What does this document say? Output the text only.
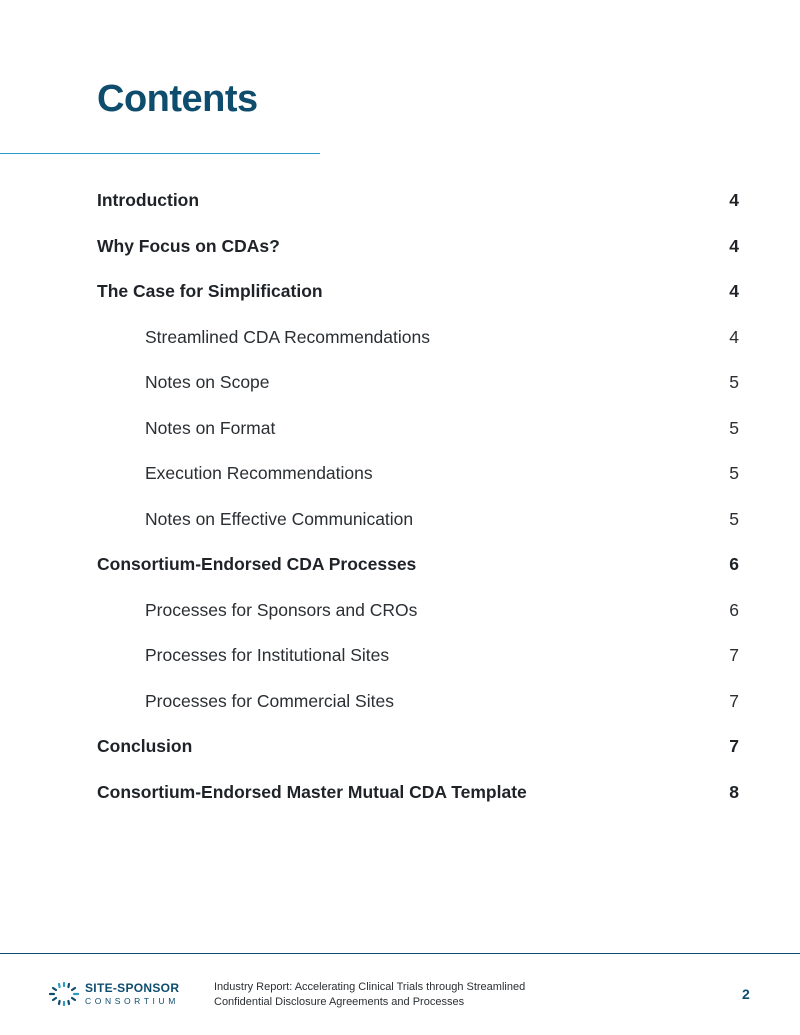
Contents
Introduction	4
Why Focus on CDAs?	4
The Case for Simplification	4
Streamlined CDA Recommendations	4
Notes on Scope	5
Notes on Format	5
Execution Recommendations	5
Notes on Effective Communication	5
Consortium-Endorsed CDA Processes	6
Processes for Sponsors and CROs	6
Processes for Institutional Sites	7
Processes for Commercial Sites	7
Conclusion	7
Consortium-Endorsed Master Mutual CDA Template	8
SITE-SPONSOR
CONSORTIUM
Industry Report: Accelerating Clinical Trials through Streamlined
Confidential Disclosure Agreements and Processes	2
